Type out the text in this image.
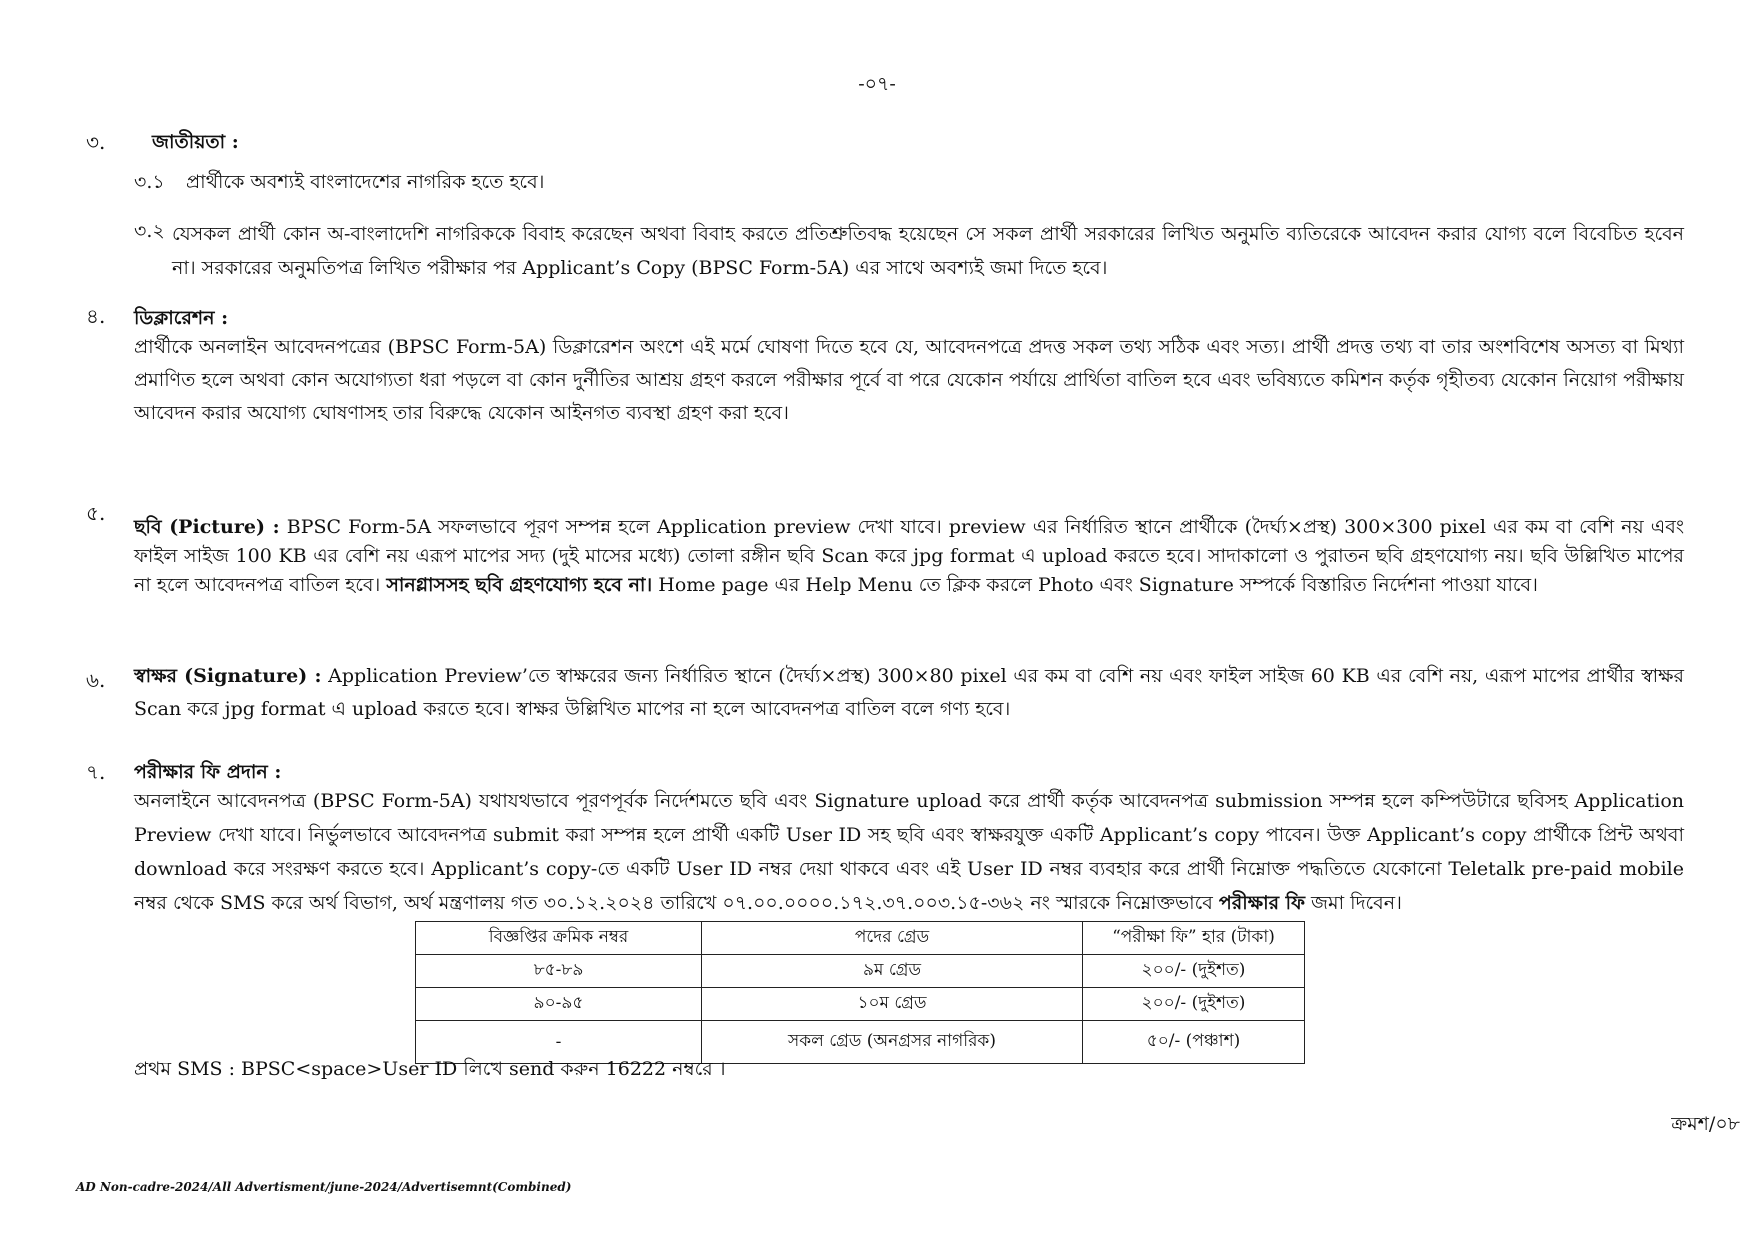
-০৭-
৩. জাতীয়তা :

৩.১ প্রার্থীকে অবশ্যই বাংলাদেশের নাগরিক হতে হবে।

৩.২ যেসকল প্রার্থী কোন অ-বাংলাদেশি নাগরিককে বিবাহ করেছেন অথবা বিবাহ করতে প্রতিশ্রুতিবদ্ধ হয়েছেন সে সকল প্রার্থী সরকারের লিখিত অনুমতি ব্যতিরেকে আবেদন করার যোগ্য বলে বিবেচিত হবেন না। সরকারের অনুমতিপত্র লিখিত পরীক্ষার পর Applicant’s Copy (BPSC Form-5A) এর সাথে অবশ্যই জমা দিতে হবে।

৪. ডিক্লারেশন :

প্রার্থীকে অনলাইন আবেদনপত্রের (BPSC Form-5A) ডিক্লারেশন অংশে এই মর্মে ঘোষণা দিতে হবে যে, আবেদনপত্রে প্রদত্ত সকল তথ্য সঠিক এবং সত্য। প্রার্থী প্রদত্ত তথ্য বা তার অংশবিশেষ অসত্য বা মিথ্যা প্রমাণিত হলে অথবা কোন অযোগ্যতা ধরা পড়লে বা কোন দুর্নীতির আশ্রয় গ্রহণ করলে পরীক্ষার পূর্বে বা পরে যেকোন পর্যায়ে প্রার্থিতা বাতিল হবে এবং ভবিষ্যতে কমিশন কর্তৃক গৃহীতব্য যেকোন নিয়োগ পরীক্ষায় আবেদন করার অযোগ্য ঘোষণাসহ তার বিরুদ্ধে যেকোন আইনগত ব্যবস্থা গ্রহণ করা হবে।

৫.

ছবি (Picture) : BPSC Form-5A সফলভাবে পূরণ সম্পন্ন হলে Application preview দেখা যাবে। preview এর নির্ধারিত স্থানে প্রার্থীকে (দৈর্ঘ্য×প্রস্থ) 300×300 pixel এর কম বা বেশি নয় এবং ফাইল সাইজ 100 KB এর বেশি নয় এরূপ মাপের সদ্য (দুই মাসের মধ্যে) তোলা রঙ্গীন ছবি Scan করে jpg format এ upload করতে হবে। সাদাকালো ও পুরাতন ছবি গ্রহণযোগ্য নয়। ছবি উল্লিখিত মাপের না হলে আবেদনপত্র বাতিল হবে। সানগ্লাসসহ ছবি গ্রহণযোগ্য হবে না। Home page এর Help Menu তে ক্লিক করলে Photo এবং Signature সম্পর্কে বিস্তারিত নির্দেশনা পাওয়া যাবে।

৬. স্বাক্ষর (Signature) : Application Preview’তে স্বাক্ষরের জন্য নির্ধারিত স্থানে (দৈর্ঘ্য×প্রস্থ) 300×80 pixel এর কম বা বেশি নয় এবং ফাইল সাইজ 60 KB এর বেশি নয়, এরূপ মাপের প্রার্থীর স্বাক্ষর Scan করে jpg format এ upload করতে হবে। স্বাক্ষর উল্লিখিত মাপের না হলে আবেদনপত্র বাতিল বলে গণ্য হবে।

৭. পরীক্ষার ফি প্রদান :

অনলাইনে আবেদনপত্র (BPSC Form-5A) যথাযথভাবে পূরণপূর্বক নির্দেশমতে ছবি এবং Signature upload করে প্রার্থী কর্তৃক আবেদনপত্র submission সম্পন্ন হলে কম্পিউটারে ছবিসহ Application Preview দেখা যাবে। নির্ভুলভাবে আবেদনপত্র submit করা সম্পন্ন হলে প্রার্থী একটি User ID সহ ছবি এবং স্বাক্ষরযুক্ত একটি Applicant’s copy পাবেন। উক্ত Applicant’s copy প্রার্থীকে প্রিন্ট অথবা download করে সংরক্ষণ করতে হবে। Applicant’s copy-তে একটি User ID নম্বর দেয়া থাকবে এবং এই User ID নম্বর ব্যবহার করে প্রার্থী নিম্নোক্ত পদ্ধতিতে যেকোনো Teletalk pre-paid mobile নম্বর থেকে SMS করে অর্থ বিভাগ, অর্থ মন্ত্রণালয় গত ৩০.১২.২০২৪ তারিখে ০৭.০০.০০০০.১৭২.৩৭.০০৩.১৫-৩৬২ নং স্মারকে নিম্নোক্তভাবে পরীক্ষার ফি জমা দিবেন।

বিজ্ঞপ্তির ক্রমিক নম্বর	পদের গ্রেড	“পরীক্ষা ফি” হার (টাকা)
৮৫-৮৯	৯ম গ্রেড	২০০/- (দুইশত)
৯০-৯৫	১০ম গ্রেড	২০০/- (দুইশত)
-	সকল গ্রেড (অনগ্রসর নাগরিক)	৫০/- (পঞ্চাশ)

প্রথম SMS : BPSC<space>User ID লিখে send করুন 16222 নম্বরে ।

ক্রমশ/০৮
AD Non-cadre-2024/All Advertisment/june-2024/Advertisemnt(Combined)
